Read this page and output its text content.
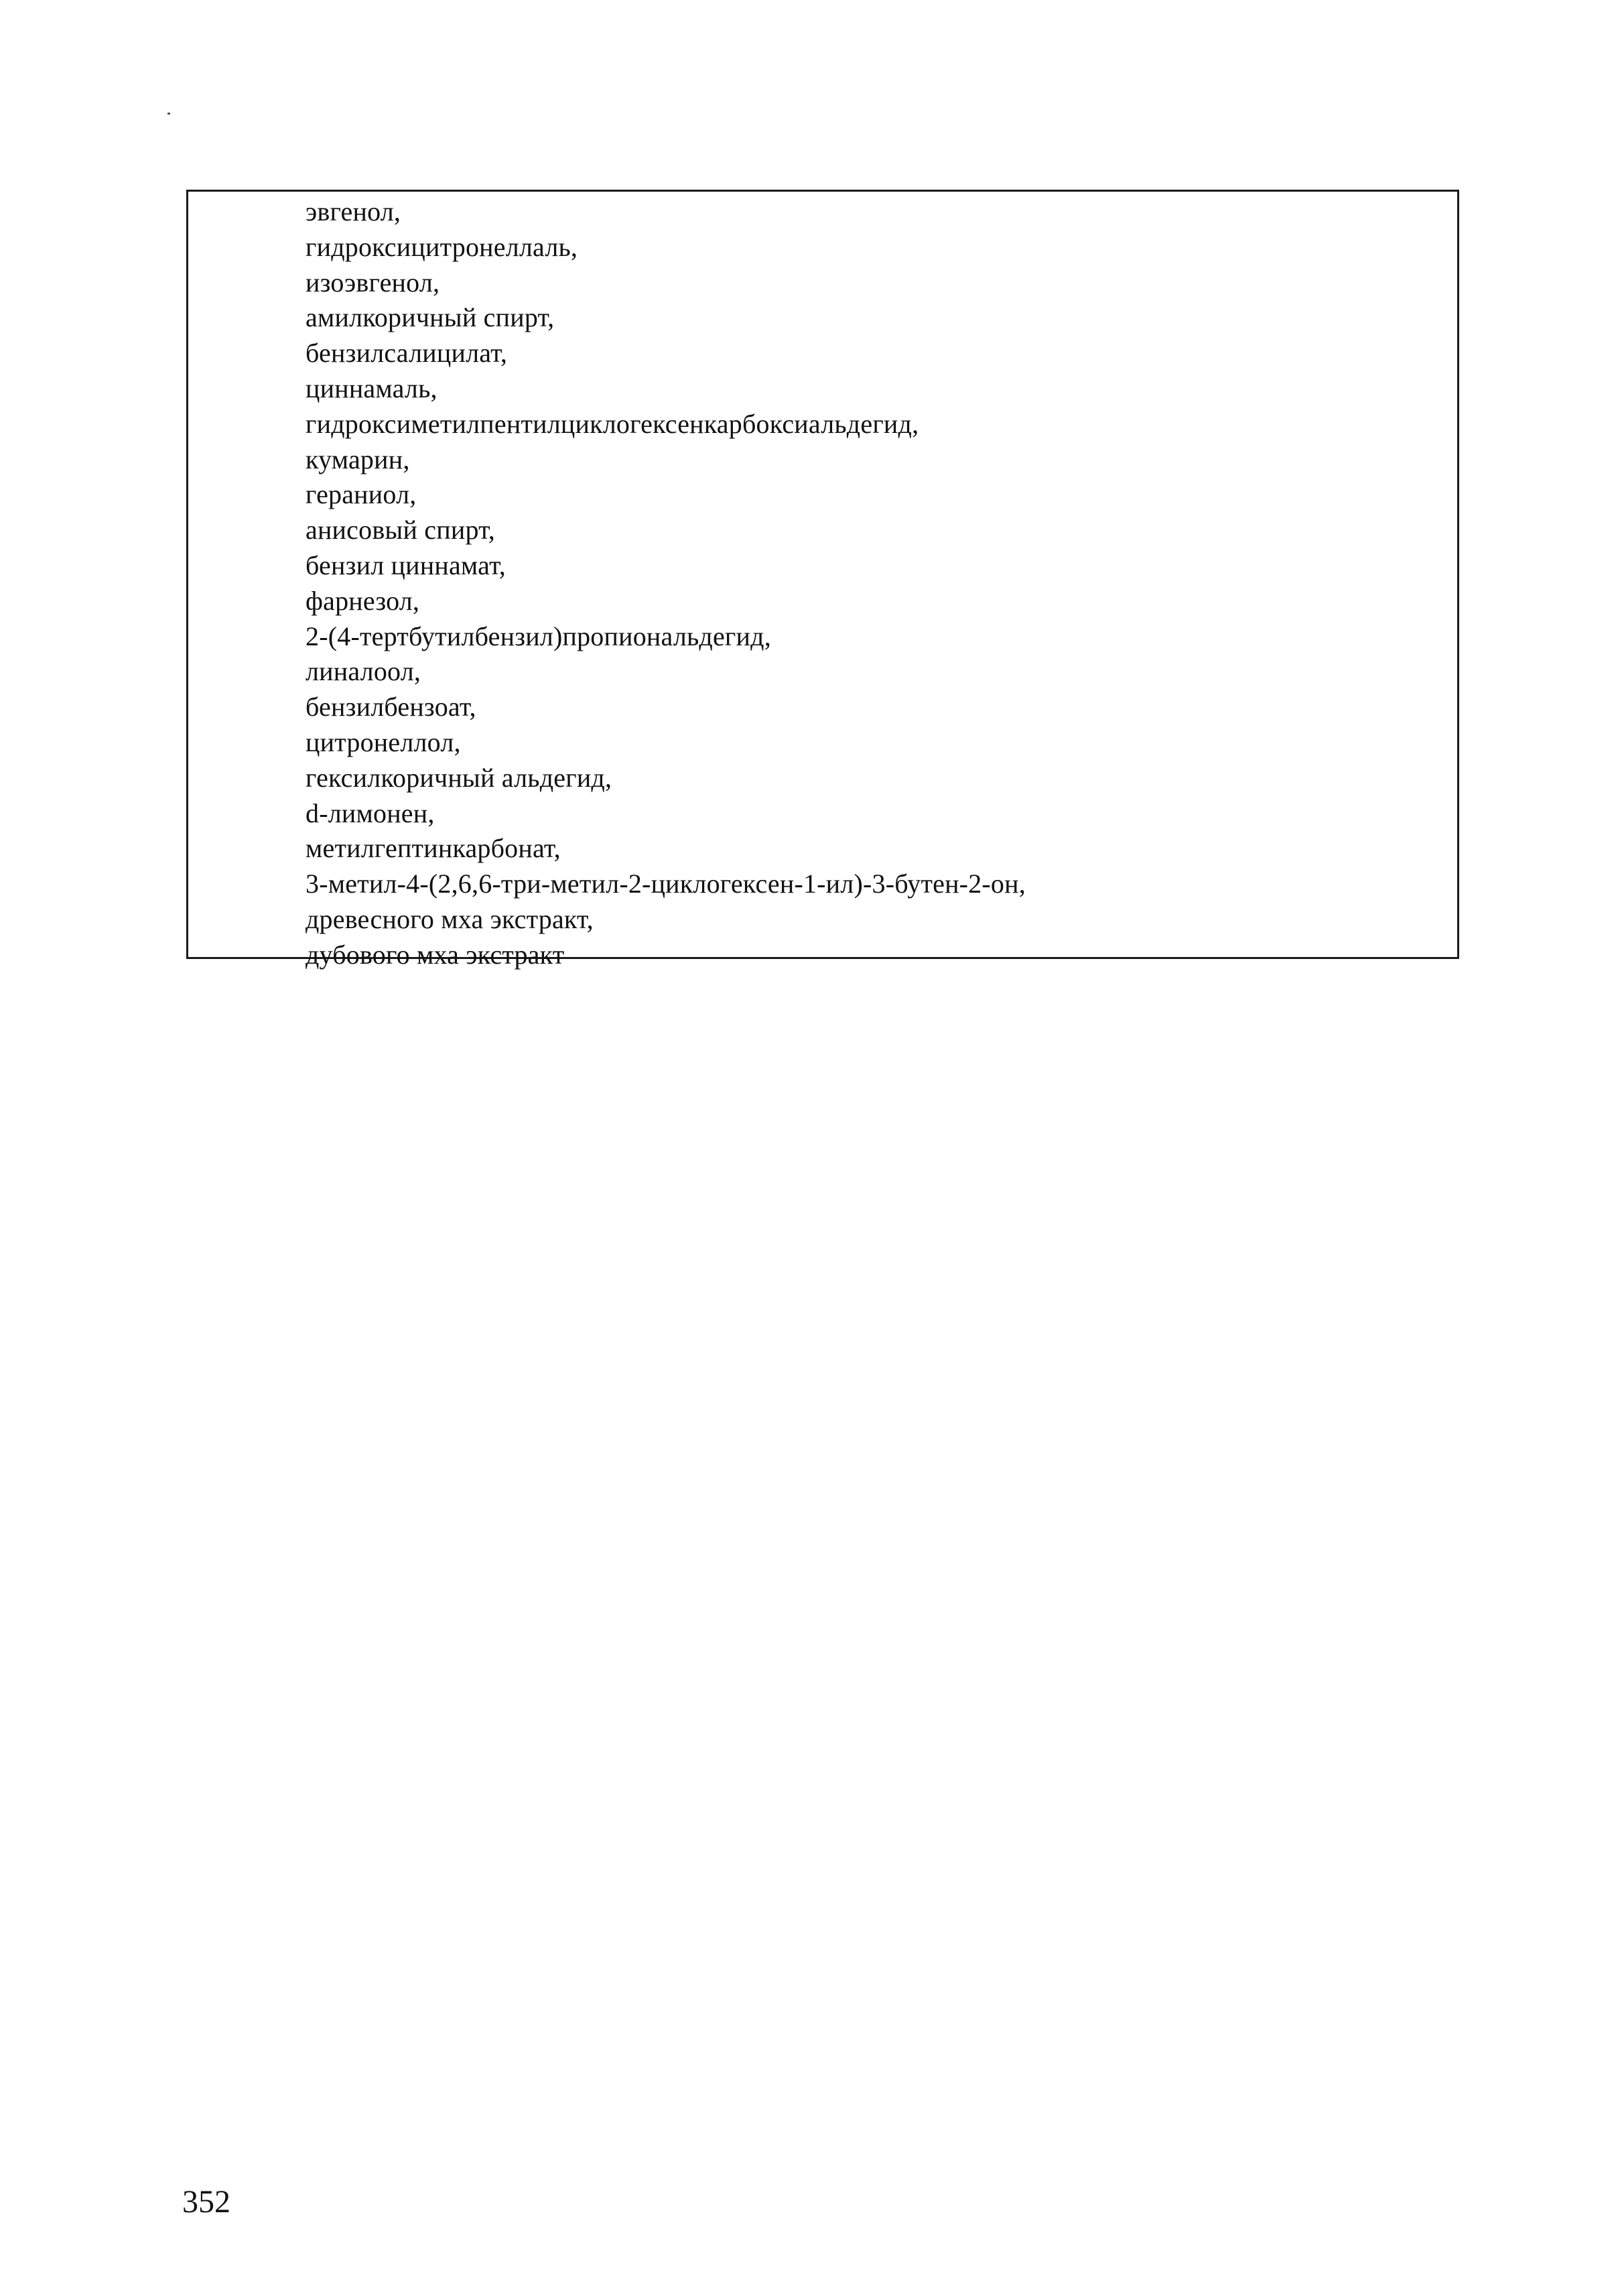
эвгенол,
гидроксицитронеллаль,
изоэвгенол,
амилкоричный спирт,
бензилсалицилат,
циннамаль,
гидроксиметилпентилциклогексенкарбоксиальдегид,
кумарин,
гераниол,
анисовый спирт,
бензил циннамат,
фарнезол,
2-(4-тертбутилбензил)пропиональдегид,
линалоол,
бензилбензоат,
цитронеллол,
гексилкоричный альдегид,
d-лимонен,
метилгептинкарбонат,
3-метил-4-(2,6,6-три-метил-2-циклогексен-1-ил)-3-бутен-2-он,
древесного мха экстракт,
дубового мха экстракт
352
